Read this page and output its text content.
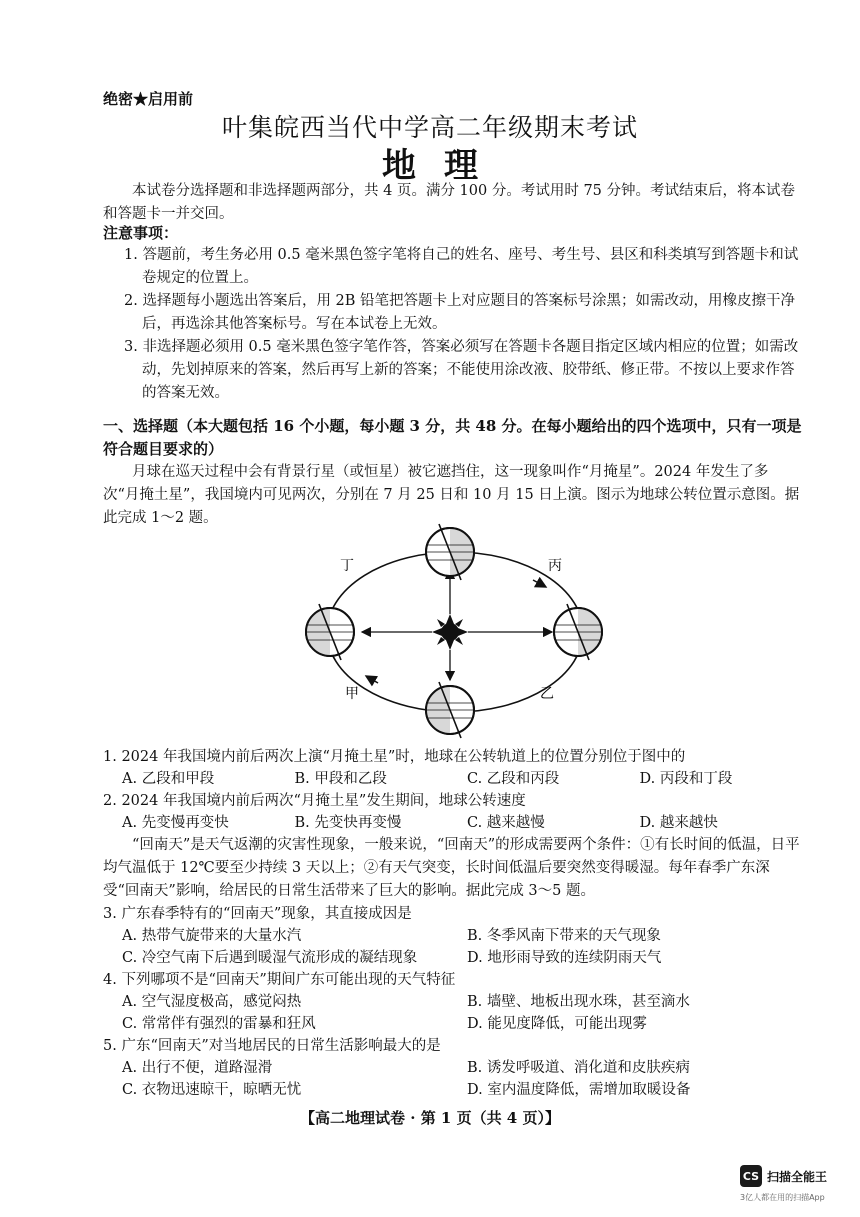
绝密★启用前
叶集皖西当代中学高二年级期末考试
地理
本试卷分选择题和非选择题两部分，共 4 页。满分 100 分。考试用时 75 分钟。考试结束后，将本试卷和答题卡一并交回。
注意事项：
1. 答题前，考生务必用 0.5 毫米黑色签字笔将自己的姓名、座号、考生号、县区和科类填写到答题卡和试卷规定的位置上。
2. 选择题每小题选出答案后，用 2B 铅笔把答题卡上对应题目的答案标号涂黑；如需改动，用橡皮擦干净后，再选涂其他答案标号。写在本试卷上无效。
3. 非选择题必须用 0.5 毫米黑色签字笔作答，答案必须写在答题卡各题目指定区域内相应的位置；如需改动，先划掉原来的答案，然后再写上新的答案；不能使用涂改液、胶带纸、修正带。不按以上要求作答的答案无效。
一、选择题（本大题包括 16 个小题，每小题 3 分，共 48 分。在每小题给出的四个选项中，只有一项是符合题目要求的）
月球在巡天过程中会有背景行星（或恒星）被它遮挡住，这一现象叫作“月掩星”。2024 年发生了多次“月掩土星”，我国境内可见两次，分别在 7 月 25 日和 10 月 15 日上演。图示为地球公转位置示意图。据此完成 1～2 题。
丁	丙
甲	乙
1. 2024 年我国境内前后两次上演“月掩土星”时，地球在公转轨道上的位置分别位于图中的
A. 乙段和甲段	B. 甲段和乙段	C. 乙段和丙段	D. 丙段和丁段
2. 2024 年我国境内前后两次“月掩土星”发生期间，地球公转速度
A. 先变慢再变快	B. 先变快再变慢	C. 越来越慢	D. 越来越快
“回南天”是天气返潮的灾害性现象，一般来说，“回南天”的形成需要两个条件：①有长时间的低温，日平均气温低于 12℃要至少持续 3 天以上；②有天气突变，长时间低温后要突然变得暖湿。每年春季广东深受“回南天”影响，给居民的日常生活带来了巨大的影响。据此完成 3～5 题。
3. 广东春季特有的“回南天”现象，其直接成因是
A. 热带气旋带来的大量水汽	B. 冬季风南下带来的天气现象
C. 冷空气南下后遇到暖湿气流形成的凝结现象	D. 地形雨导致的连续阴雨天气
4. 下列哪项不是“回南天”期间广东可能出现的天气特征
A. 空气湿度极高，感觉闷热	B. 墙壁、地板出现水珠，甚至滴水
C. 常常伴有强烈的雷暴和狂风	D. 能见度降低，可能出现雾
5. 广东“回南天”对当地居民的日常生活影响最大的是
A. 出行不便，道路湿滑	B. 诱发呼吸道、消化道和皮肤疾病
C. 衣物迅速晾干，晾晒无忧	D. 室内温度降低，需增加取暖设备
【高二地理试卷 · 第 1 页（共 4 页）】
CS 扫描全能王
3亿人都在用的扫描App
